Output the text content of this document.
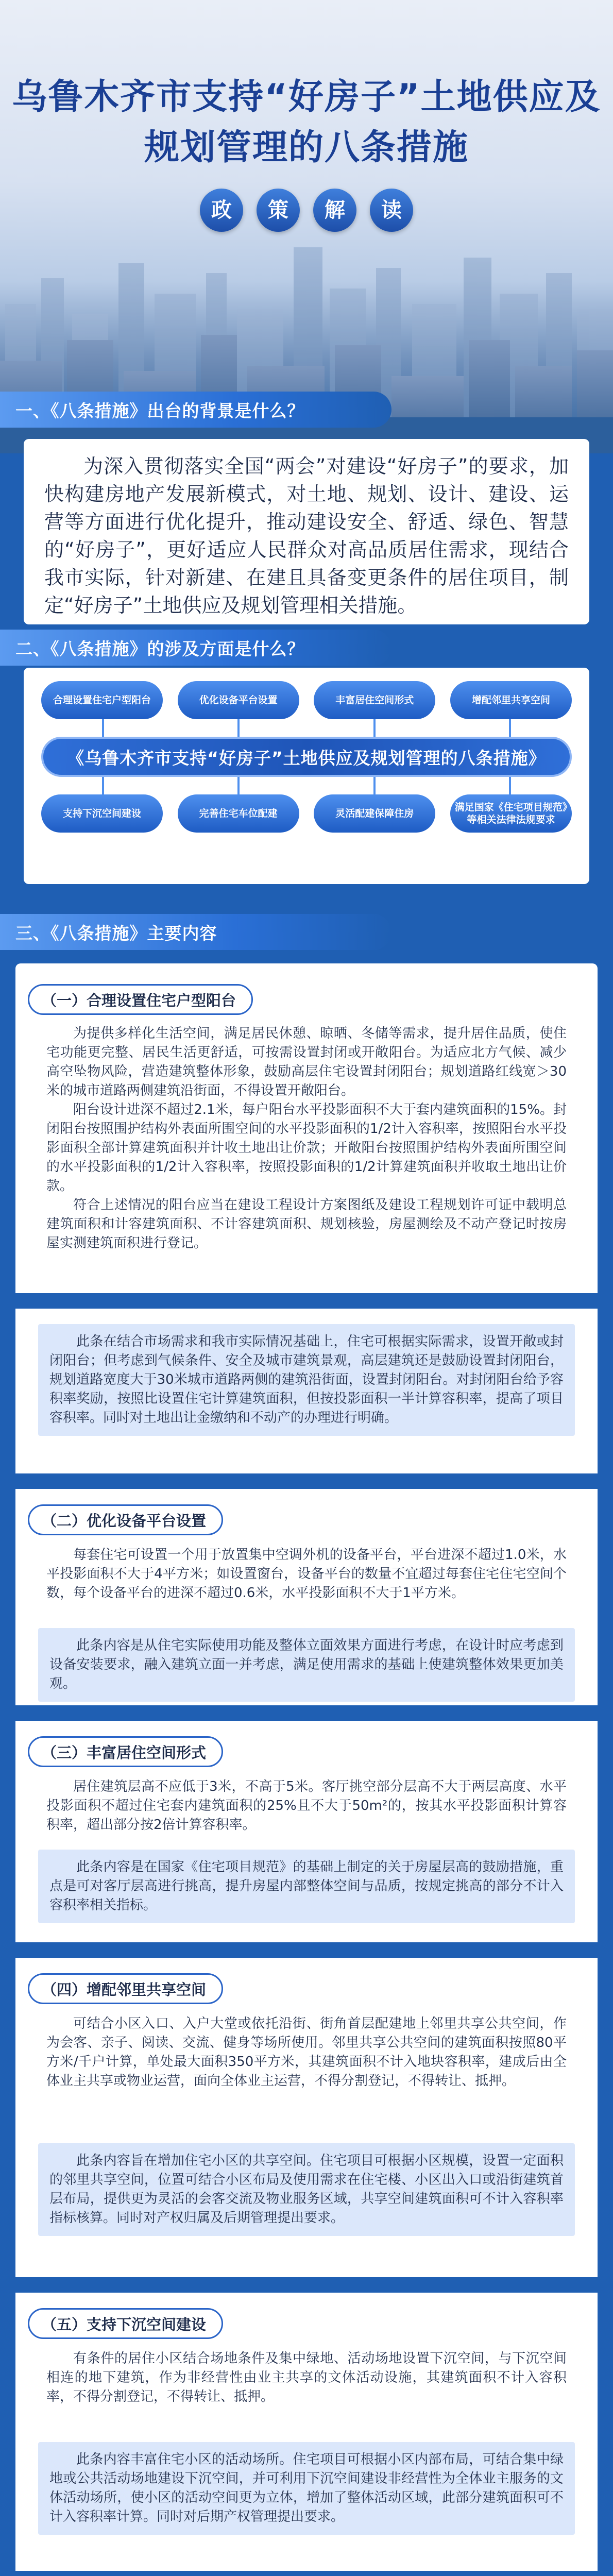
乌鲁木齐市支持“好房子”土地供应及
规划管理的八条措施
政	策	解	读
一、《八条措施》出台的背景是什么？
为深入贯彻落实全国“两会”对建设“好房子”的要求，加快构建房地产发展新模式，对土地、规划、设计、建设、运营等方面进行优化提升，推动建设安全、舒适、绿色、智慧的“好房子”，更好适应人民群众对高品质居住需求，现结合我市实际，针对新建、在建且具备变更条件的居住项目，制定“好房子”土地供应及规划管理相关措施。
二、《八条措施》的涉及方面是什么？
合理设置住宅户型阳台	优化设备平台设置	丰富居住空间形式	增配邻里共享空间
《乌鲁木齐市支持“好房子”土地供应及规划管理的八条措施》
支持下沉空间建设	完善住宅车位配建	灵活配建保障住房
满足国家《住宅项目规范》等相关法律法规要求
三、《八条措施》主要内容
（一）合理设置住宅户型阳台

为提供多样化生活空间，满足居民休憩、晾晒、冬储等需求，提升居住品质，使住宅功能更完整、居民生活更舒适，可按需设置封闭或开敞阳台。为适应北方气候、减少高空坠物风险，营造建筑整体形象，鼓励高层住宅设置封闭阳台；规划道路红线宽＞30米的城市道路两侧建筑沿街面，不得设置开敞阳台。

阳台设计进深不超过2.1米，每户阳台水平投影面积不大于套内建筑面积的15%。封闭阳台按照围护结构外表面所围空间的水平投影面积的1/2计入容积率，按照阳台水平投影面积全部计算建筑面积并计收土地出让价款；开敞阳台按照围护结构外表面所围空间的水平投影面积的1/2计入容积率，按照投影面积的1/2计算建筑面积并收取土地出让价款。

符合上述情况的阳台应当在建设工程设计方案图纸及建设工程规划许可证中载明总建筑面积和计容建筑面积、不计容建筑面积、规划核验，房屋测绘及不动产登记时按房屋实测建筑面积进行登记。

此条在结合市场需求和我市实际情况基础上，住宅可根据实际需求，设置开敞或封闭阳台；但考虑到气候条件、安全及城市建筑景观，高层建筑还是鼓励设置封闭阳台，规划道路宽度大于30米城市道路两侧的建筑沿街面，设置封闭阳台。对封闭阳台给予容积率奖励，按照比设置住宅计算建筑面积，但按投影面积一半计算容积率，提高了项目容积率。同时对土地出让金缴纳和不动产的办理进行明确。

（二）优化设备平台设置

每套住宅可设置一个用于放置集中空调外机的设备平台，平台进深不超过1.0米，水平投影面积不大于4平方米；如设置窗台，设备平台的数量不宜超过每套住宅住宅空间个数，每个设备平台的进深不超过0.6米，水平投影面积不大于1平方米。

此条内容是从住宅实际使用功能及整体立面效果方面进行考虑，在设计时应考虑到设备安装要求，融入建筑立面一并考虑，满足使用需求的基础上使建筑整体效果更加美观。

（三）丰富居住空间形式

居住建筑层高不应低于3米，不高于5米。客厅挑空部分层高不大于两层高度、水平投影面积不超过住宅套内建筑面积的25%且不大于50m²的，按其水平投影面积计算容积率，超出部分按2倍计算容积率。

此条内容是在国家《住宅项目规范》的基础上制定的关于房屋层高的鼓励措施，重点是可对客厅层高进行挑高，提升房屋内部整体空间与品质，按规定挑高的部分不计入容积率相关指标。

（四）增配邻里共享空间

可结合小区入口、入户大堂或依托沿街、街角首层配建地上邻里共享公共空间，作为会客、亲子、阅读、交流、健身等场所使用。邻里共享公共空间的建筑面积按照80平方米/千户计算，单处最大面积350平方米，其建筑面积不计入地块容积率，建成后由全体业主共享或物业运营，面向全体业主运营，不得分割登记，不得转让、抵押。

此条内容旨在增加住宅小区的共享空间。住宅项目可根据小区规模，设置一定面积的邻里共享空间，位置可结合小区布局及使用需求在住宅楼、小区出入口或沿街建筑首层布局，提供更为灵活的会客交流及物业服务区域，共享空间建筑面积可不计入容积率指标核算。同时对产权归属及后期管理提出要求。

（五）支持下沉空间建设

有条件的居住小区结合场地条件及集中绿地、活动场地设置下沉空间，与下沉空间相连的地下建筑，作为非经营性由业主共享的文体活动设施，其建筑面积不计入容积率，不得分割登记，不得转让、抵押。

此条内容丰富住宅小区的活动场所。住宅项目可根据小区内部布局，可结合集中绿地或公共活动场地建设下沉空间，并可利用下沉空间建设非经营性为全体业主服务的文体活动场所，使小区的活动空间更为立体，增加了整体活动区域，此部分建筑面积可不计入容积率计算。同时对后期产权管理提出要求。
